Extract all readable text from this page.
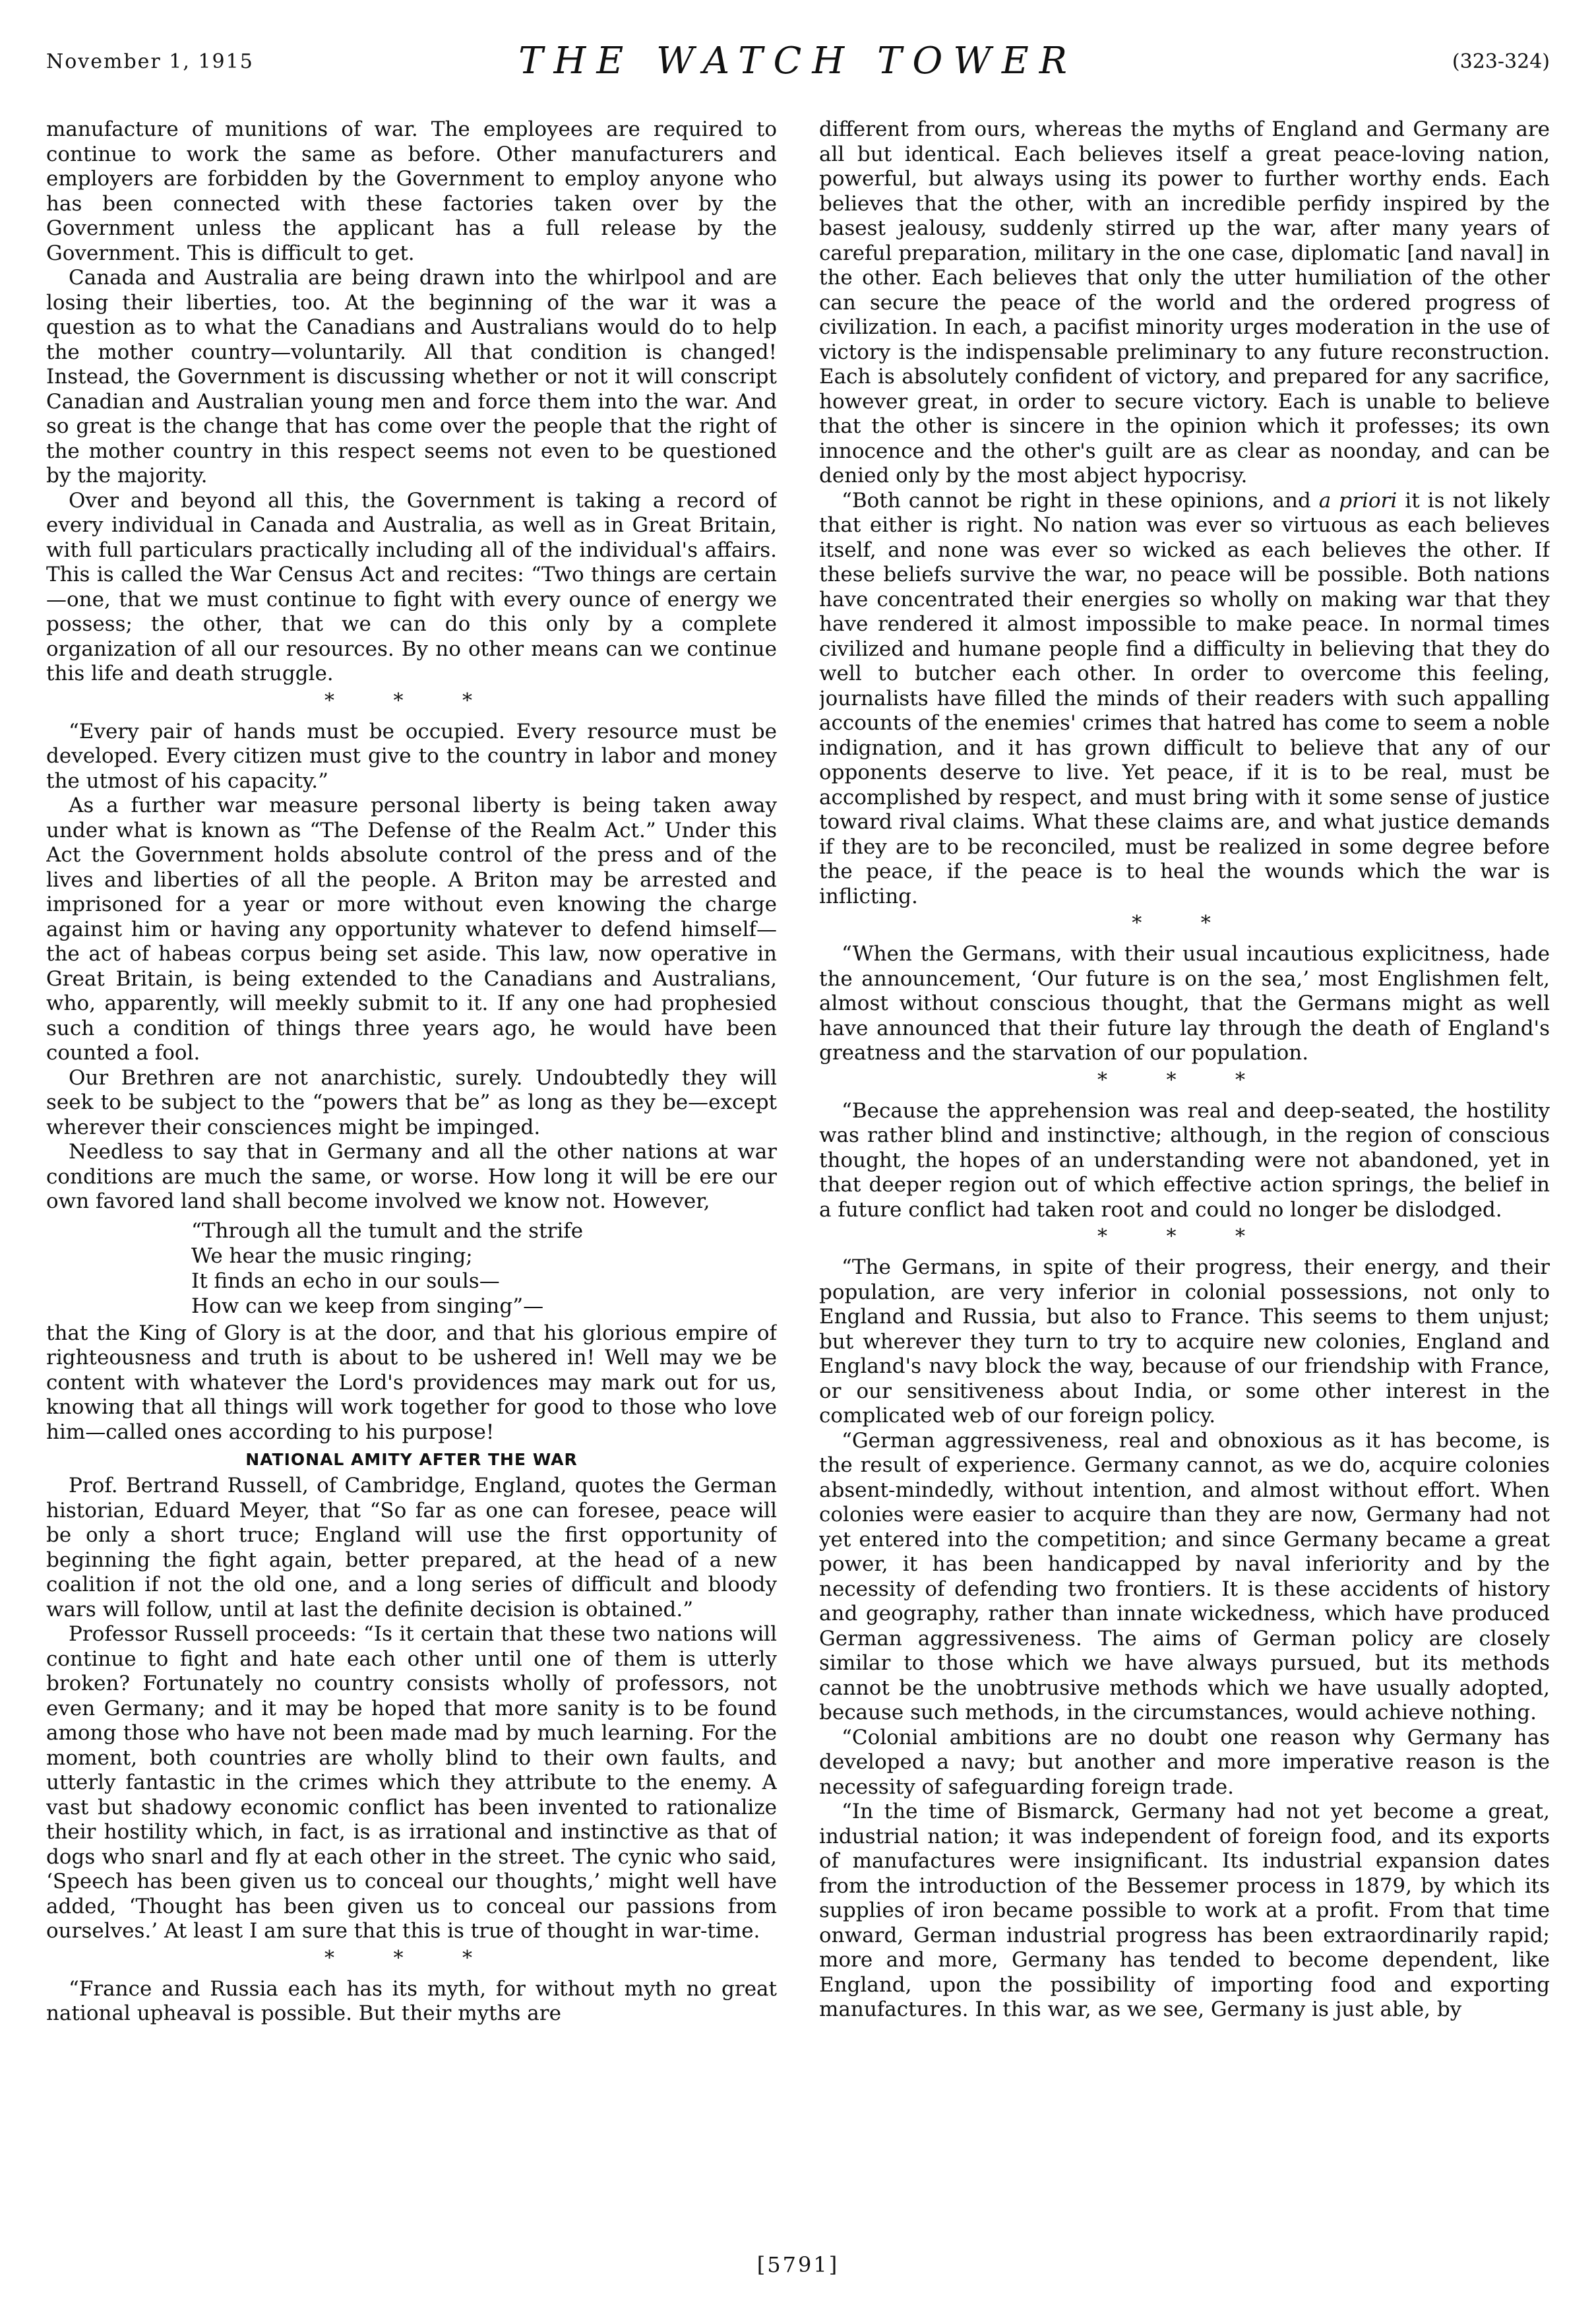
November 1, 1915	THE WATCH TOWER	(323-324)

manufacture of munitions of war. The employees are required to continue to work the same as before. Other manufacturers and employers are forbidden by the Government to employ anyone who has been connected with these factories taken over by the Government unless the applicant has a full release by the Government. This is difficult to get.

Canada and Australia are being drawn into the whirlpool and are losing their liberties, too. At the beginning of the war it was a question as to what the Canadians and Australians would do to help the mother country—voluntarily. All that condition is changed! Instead, the Government is discussing whether or not it will conscript Canadian and Australian young men and force them into the war. And so great is the change that has come over the people that the right of the mother country in this respect seems not even to be questioned by the majority.

Over and beyond all this, the Government is taking a record of every individual in Canada and Australia, as well as in Great Britain, with full particulars practically including all of the individual's affairs. This is called the War Census Act and recites: “Two things are certain—one, that we must continue to fight with every ounce of energy we possess; the other, that we can do this only by a complete organization of all our resources. By no other means can we continue this life and death struggle.

* * *

“Every pair of hands must be occupied. Every resource must be developed. Every citizen must give to the country in labor and money the utmost of his capacity.”

As a further war measure personal liberty is being taken away under what is known as “The Defense of the Realm Act.” Under this Act the Government holds absolute control of the press and of the lives and liberties of all the people. A Briton may be arrested and imprisoned for a year or more without even knowing the charge against him or having any opportunity whatever to defend himself—the act of habeas corpus being set aside. This law, now operative in Great Britain, is being extended to the Canadians and Australians, who, apparently, will meekly submit to it. If any one had prophesied such a condition of things three years ago, he would have been counted a fool.

Our Brethren are not anarchistic, surely. Undoubtedly they will seek to be subject to the “powers that be” as long as they be—except wherever their consciences might be impinged.

Needless to say that in Germany and all the other nations at war conditions are much the same, or worse. How long it will be ere our own favored land shall become involved we know not. However,

“Through all the tumult and the strife
We hear the music ringing;
It finds an echo in our souls—
How can we keep from singing”—

that the King of Glory is at the door, and that his glorious empire of righteousness and truth is about to be ushered in! Well may we be content with whatever the Lord's providences may mark out for us, knowing that all things will work together for good to those who love him—called ones according to his purpose!

NATIONAL AMITY AFTER THE WAR

Prof. Bertrand Russell, of Cambridge, England, quotes the German historian, Eduard Meyer, that “So far as one can foresee, peace will be only a short truce; England will use the first opportunity of beginning the fight again, better prepared, at the head of a new coalition if not the old one, and a long series of difficult and bloody wars will follow, until at last the definite decision is obtained.”

Professor Russell proceeds: “Is it certain that these two nations will continue to fight and hate each other until one of them is utterly broken? Fortunately no country consists wholly of professors, not even Germany; and it may be hoped that more sanity is to be found among those who have not been made mad by much learning. For the moment, both countries are wholly blind to their own faults, and utterly fantastic in the crimes which they attribute to the enemy. A vast but shadowy economic conflict has been invented to rationalize their hostility which, in fact, is as irrational and instinctive as that of dogs who snarl and fly at each other in the street. The cynic who said, ‘Speech has been given us to conceal our thoughts,’ might well have added, ‘Thought has been given us to conceal our passions from ourselves.’ At least I am sure that this is true of thought in war-time.

* * *

“France and Russia each has its myth, for without myth no great national upheaval is possible. But their myths are

different from ours, whereas the myths of England and Germany are all but identical. Each believes itself a great peace-loving nation, powerful, but always using its power to further worthy ends. Each believes that the other, with an incredible perfidy inspired by the basest jealousy, suddenly stirred up the war, after many years of careful preparation, military in the one case, diplomatic [and naval] in the other. Each believes that only the utter humiliation of the other can secure the peace of the world and the ordered progress of civilization. In each, a pacifist minority urges moderation in the use of victory is the indispensable preliminary to any future reconstruction. Each is absolutely confident of victory, and prepared for any sacrifice, however great, in order to secure victory. Each is unable to believe that the other is sincere in the opinion which it professes; its own innocence and the other's guilt are as clear as noonday, and can be denied only by the most abject hypocrisy.

“Both cannot be right in these opinions, and a priori it is not likely that either is right. No nation was ever so virtuous as each believes itself, and none was ever so wicked as each believes the other. If these beliefs survive the war, no peace will be possible. Both nations have concentrated their energies so wholly on making war that they have rendered it almost impossible to make peace. In normal times civilized and humane people find a difficulty in believing that they do well to butcher each other. In order to overcome this feeling, journalists have filled the minds of their readers with such appalling accounts of the enemies' crimes that hatred has come to seem a noble indignation, and it has grown difficult to believe that any of our opponents deserve to live. Yet peace, if it is to be real, must be accomplished by respect, and must bring with it some sense of justice toward rival claims. What these claims are, and what justice demands if they are to be reconciled, must be realized in some degree before the peace, if the peace is to heal the wounds which the war is inflicting.

* *

“When the Germans, with their usual incautious explicitness, hade the announcement, ‘Our future is on the sea,’ most Englishmen felt, almost without conscious thought, that the Germans might as well have announced that their future lay through the death of England's greatness and the starvation of our population.

* * *

“Because the apprehension was real and deep-seated, the hostility was rather blind and instinctive; although, in the region of conscious thought, the hopes of an understanding were not abandoned, yet in that deeper region out of which effective action springs, the belief in a future conflict had taken root and could no longer be dislodged.

* * *

“The Germans, in spite of their progress, their energy, and their population, are very inferior in colonial possessions, not only to England and Russia, but also to France. This seems to them unjust; but wherever they turn to try to acquire new colonies, England and England's navy block the way, because of our friendship with France, or our sensitiveness about India, or some other interest in the complicated web of our foreign policy.

“German aggressiveness, real and obnoxious as it has become, is the result of experience. Germany cannot, as we do, acquire colonies absent-mindedly, without intention, and almost without effort. When colonies were easier to acquire than they are now, Germany had not yet entered into the competition; and since Germany became a great power, it has been handicapped by naval inferiority and by the necessity of defending two frontiers. It is these accidents of history and geography, rather than innate wickedness, which have produced German aggressiveness. The aims of German policy are closely similar to those which we have always pursued, but its methods cannot be the unobtrusive methods which we have usually adopted, because such methods, in the circumstances, would achieve nothing.

“Colonial ambitions are no doubt one reason why Germany has developed a navy; but another and more imperative reason is the necessity of safeguarding foreign trade.

“In the time of Bismarck, Germany had not yet become a great, industrial nation; it was independent of foreign food, and its exports of manufactures were insignificant. Its industrial expansion dates from the introduction of the Bessemer process in 1879, by which its supplies of iron became possible to work at a profit. From that time onward, German industrial progress has been extraordinarily rapid; more and more, Germany has tended to become dependent, like England, upon the possibility of importing food and exporting manufactures. In this war, as we see, Germany is just able, by

[5791]
